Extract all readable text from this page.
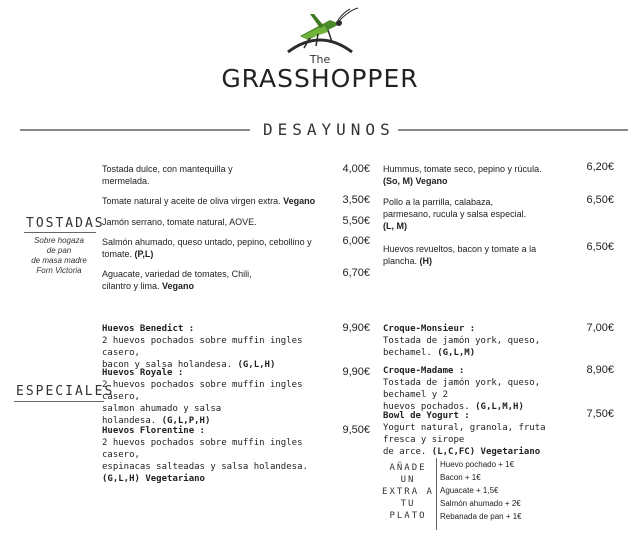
The
GRASSHOPPER
DESAYUNOS
TOSTADAS
Sobre hogaza
de pan
de masa madre
Forn Victoria
ESPECIALES
Tostada dulce, con mantequilla y
mermelada.
4,00€
Tomate natural y aceite de oliva virgen extra. Vegano	3,50€
Jamón serrano, tomate natural, AOVE.	5,50€
Salmón ahumado, queso untado, pepino, cebollino y
tomate. (P,L)
6,00€
Aguacate, variedad de tomates, Chili,
cilantro y lima. Vegano
6,70€
Hummus, tomate seco, pepino y rúcula.
(So, M) Vegano
6,20€
Pollo a la parrilla, calabaza,
parmesano, rucula y salsa especial.
(L, M)
6,50€
Huevos revueltos, bacon y tomate a la
plancha. (H)
6,50€
Huevos Benedict :
2 huevos pochados sobre muffin ingles casero,
bacon y salsa holandesa. (G,L,H)
9,90€
Huevos Royale :
2 huevos pochados sobre muffin ingles casero,
salmon ahumado y salsa
holandesa. (G,L,P,H)
9,90€
Huevos Florentine :
2 huevos pochados sobre muffin ingles casero,
espinacas salteadas y salsa holandesa.
(G,L,H) Vegetariano
9,50€
Croque-Monsieur :
Tostada de jamón york, queso,
bechamel. (G,L,M)
7,00€
Croque-Madame :
Tostada de jamón york, queso, bechamel y 2
huevos pochados. (G,L,M,H)
8,90€
Bowl de Yogurt :
Yogurt natural, granola, fruta fresca y sirope
de arce. (L,C,FC) Vegetariano
7,50€
AÑADE UN
EXTRA A
TU PLATO
Huevo pochado + 1€
Bacon + 1€
Aguacate + 1,5€
Salmón ahumado + 2€
Rebanada de pan + 1€
